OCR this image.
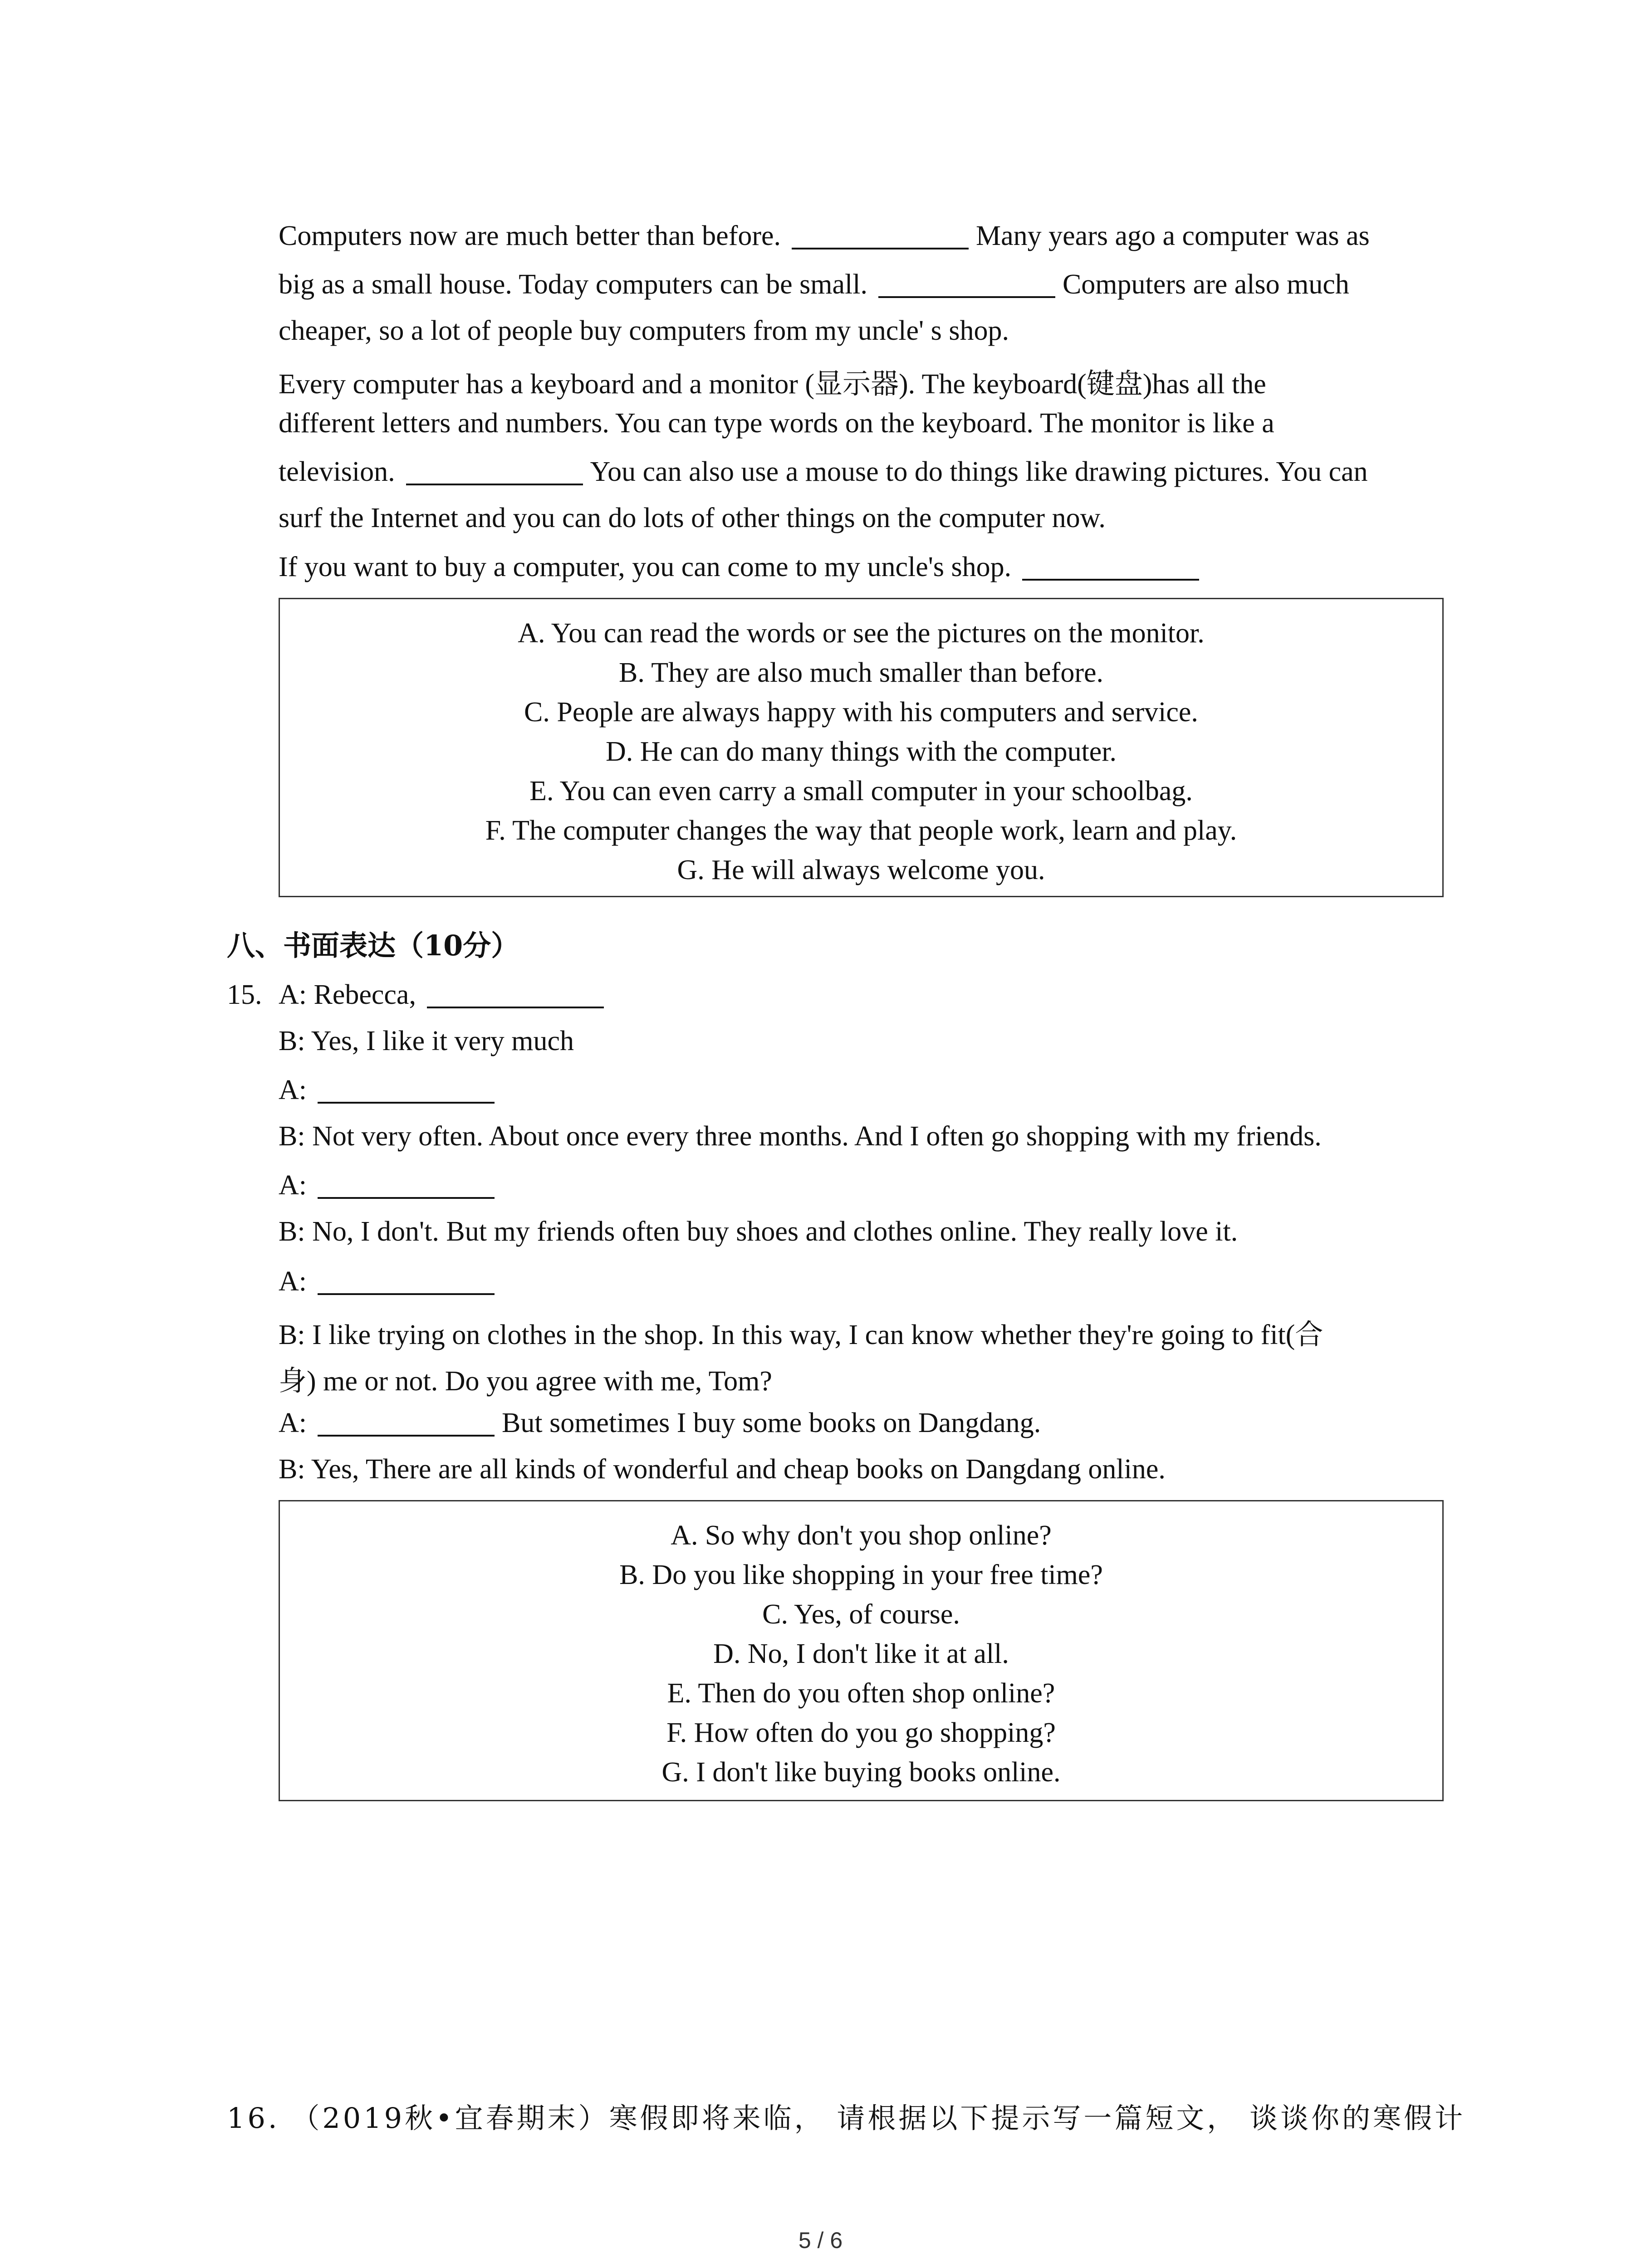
Computers now are much better than before.	Many years ago a computer was as
big as a small house. Today computers can be small.	Computers are also much
cheaper, so a lot of people buy computers from my uncle' s shop.
Every computer has a keyboard and a monitor (显示器). The keyboard(键盘)has all the
different letters and numbers. You can type words on the keyboard. The monitor is like a
television.	You can also use a mouse to do things like drawing pictures. You can
surf the Internet and you can do lots of other things on the computer now.
If you want to buy a computer, you can come to my uncle's shop.
A. You can read the words or see the pictures on the monitor.
B. They are also much smaller than before.
C. People are always happy with his computers and service.
D. He can do many things with the computer.
E. You can even carry a small computer in your schoolbag.
F. The computer changes the way that people work, learn and play.
G. He will always welcome you.
八、书面表达（10分）
15. A: Rebecca,
B: Yes, I like it very much
A:
B: Not very often. About once every three months. And I often go shopping with my friends.
A:
B: No, I don't. But my friends often buy shoes and clothes online. They really love it.
A:
B: I like trying on clothes in the shop. In this way, I can know whether they're going to fit(合
身) me or not. Do you agree with me, Tom?
A:	But sometimes I buy some books on Dangdang.
B: Yes, There are all kinds of wonderful and cheap books on Dangdang online.
A. So why don't you shop online?
B. Do you like shopping in your free time?
C. Yes, of course.
D. No, I don't like it at all.
E. Then do you often shop online?
F. How often do you go shopping?
G. I don't like buying books online.
16. （2019秋•宜春期末）寒假即将来临， 请根据以下提示写一篇短文， 谈谈你的寒假计
5 / 6
